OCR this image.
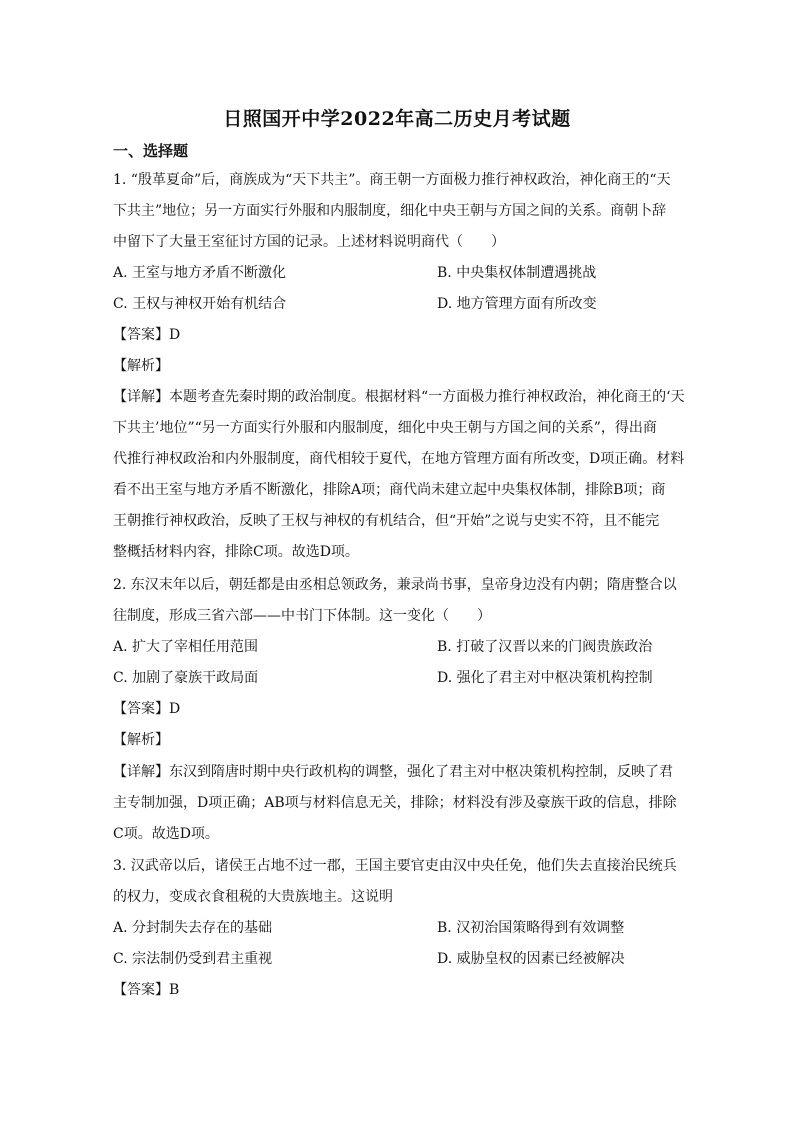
日照国开中学2022年高二历史月考试题
一、选择题
1. “殷革夏命”后，商族成为“天下共主”。商王朝一方面极力推行神权政治，神化商王的“天
下共主”地位；另一方面实行外服和内服制度，细化中央王朝与方国之间的关系。商朝卜辞
中留下了大量王室征讨方国的记录。上述材料说明商代（　　）
A. 王室与地方矛盾不断激化	B. 中央集权体制遭遇挑战
C. 王权与神权开始有机结合	D. 地方管理方面有所改变
【答案】D
【解析】
【详解】本题考查先秦时期的政治制度。根据材料“一方面极力推行神权政治，神化商王的‘天
下共主’地位”“另一方面实行外服和内服制度，细化中央王朝与方国之间的关系”，得出商
代推行神权政治和内外服制度，商代相较于夏代，在地方管理方面有所改变，D项正确。材料
看不出王室与地方矛盾不断激化，排除A项；商代尚未建立起中央集权体制，排除B项；商
王朝推行神权政治，反映了王权与神权的有机结合，但“开始”之说与史实不符，且不能完
整概括材料内容，排除C项。故选D项。
2. 东汉末年以后，朝廷都是由丞相总领政务，兼录尚书事，皇帝身边没有内朝；隋唐整合以
往制度，形成三省六部——中书门下体制。这一变化（　　）
A. 扩大了宰相任用范围	B. 打破了汉晋以来的门阀贵族政治
C. 加剧了豪族干政局面	D. 强化了君主对中枢决策机构控制
【答案】D
【解析】
【详解】东汉到隋唐时期中央行政机构的调整，强化了君主对中枢决策机构控制，反映了君
主专制加强，D项正确；AB项与材料信息无关，排除；材料没有涉及豪族干政的信息，排除
C项。故选D项。
3. 汉武帝以后，诸侯王占地不过一郡，王国主要官吏由汉中央任免，他们失去直接治民统兵
的权力，变成衣食租税的大贵族地主。这说明
A. 分封制失去存在的基础	B. 汉初治国策略得到有效调整
C. 宗法制仍受到君主重视	D. 威胁皇权的因素已经被解决
【答案】B
